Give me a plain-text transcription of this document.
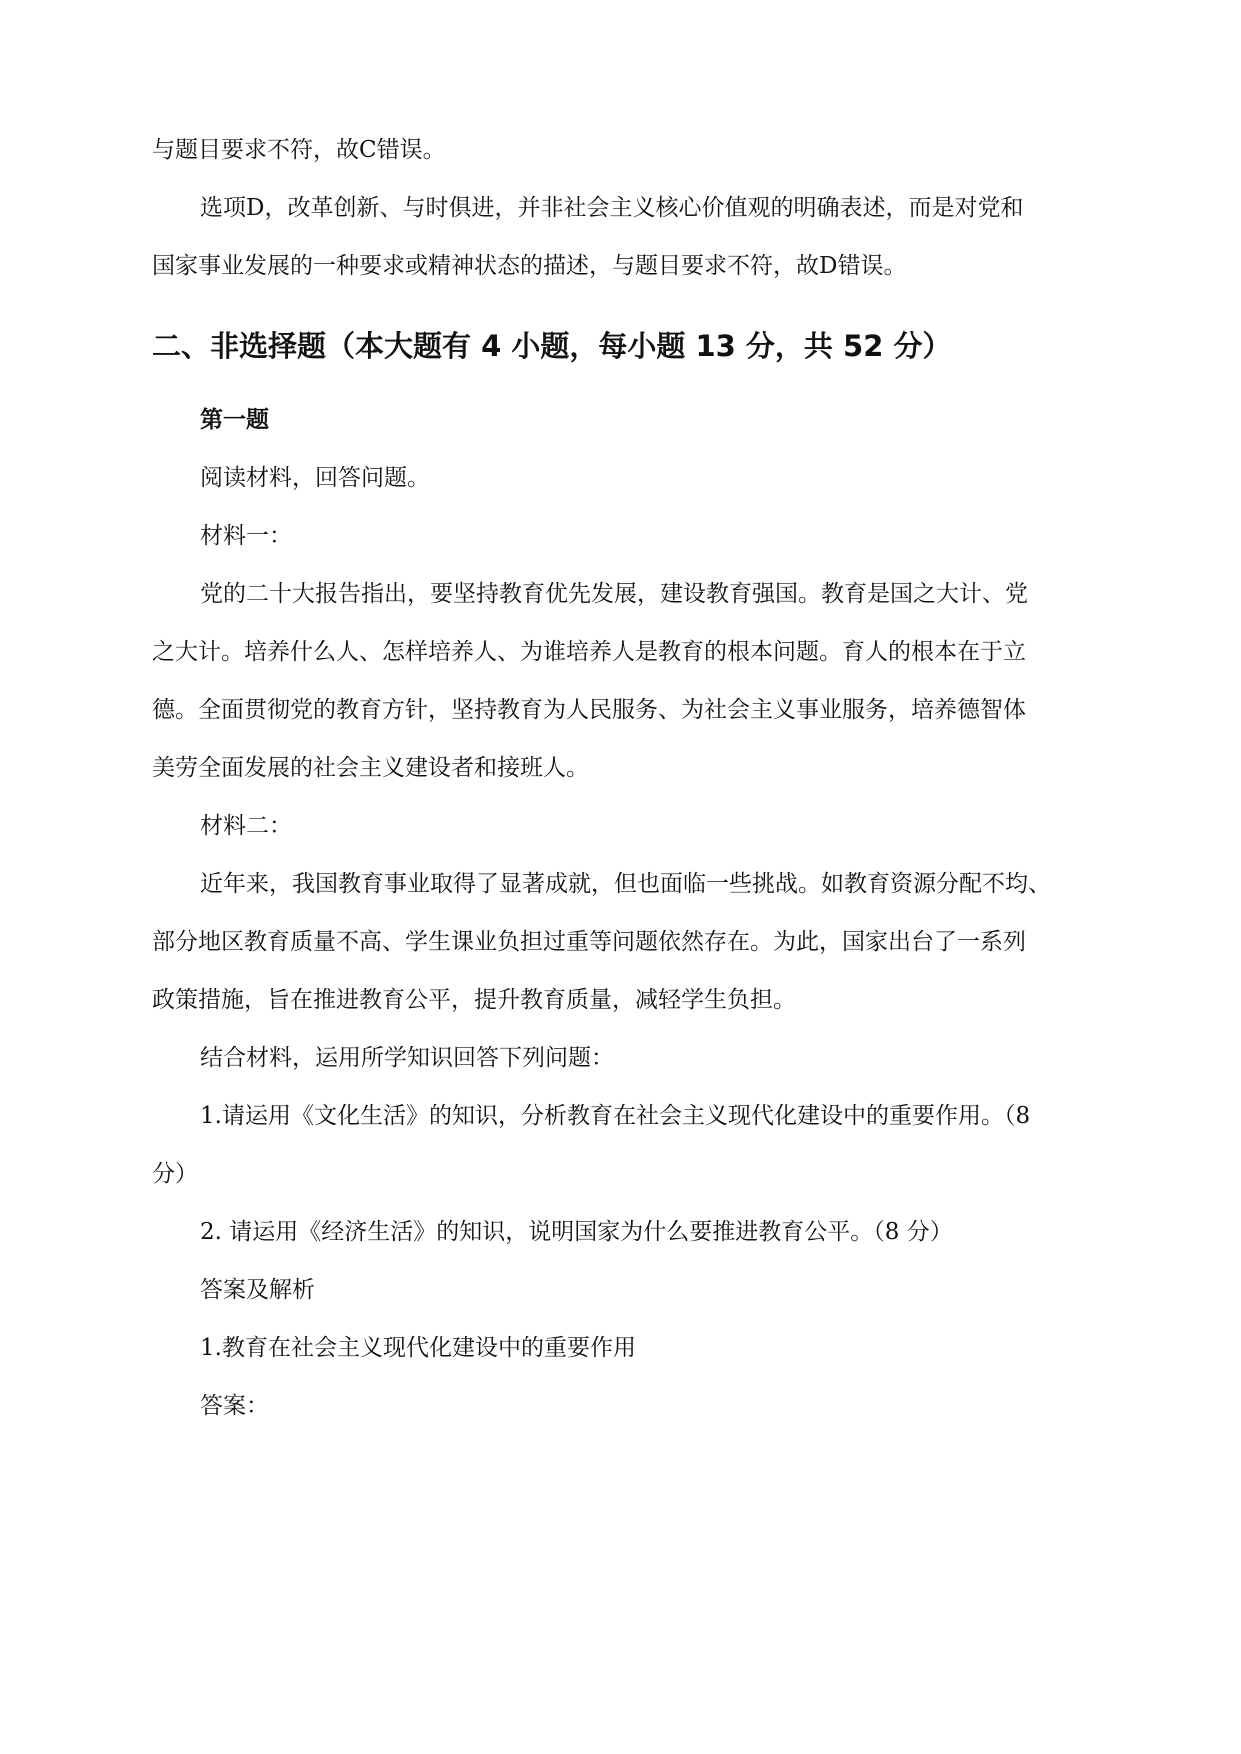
与题目要求不符，故C错误。
选项D，改革创新、与时俱进，并非社会主义核心价值观的明确表述，而是对党和
国家事业发展的一种要求或精神状态的描述，与题目要求不符，故D错误。
二、非选择题（本大题有 4 小题，每小题 13 分，共 52 分）
第一题
阅读材料，回答问题。
材料一：
党的二十大报告指出，要坚持教育优先发展，建设教育强国。教育是国之大计、党
之大计。培养什么人、怎样培养人、为谁培养人是教育的根本问题。育人的根本在于立
德。全面贯彻党的教育方针，坚持教育为人民服务、为社会主义事业服务，培养德智体
美劳全面发展的社会主义建设者和接班人。
材料二：
近年来，我国教育事业取得了显著成就，但也面临一些挑战。如教育资源分配不均、
部分地区教育质量不高、学生课业负担过重等问题依然存在。为此，国家出台了一系列
政策措施，旨在推进教育公平，提升教育质量，减轻学生负担。
结合材料，运用所学知识回答下列问题：
1.请运用《文化生活》的知识，分析教育在社会主义现代化建设中的重要作用。（8
分）
2. 请运用《经济生活》的知识，说明国家为什么要推进教育公平。（8 分）
答案及解析
1.教育在社会主义现代化建设中的重要作用
答案：
